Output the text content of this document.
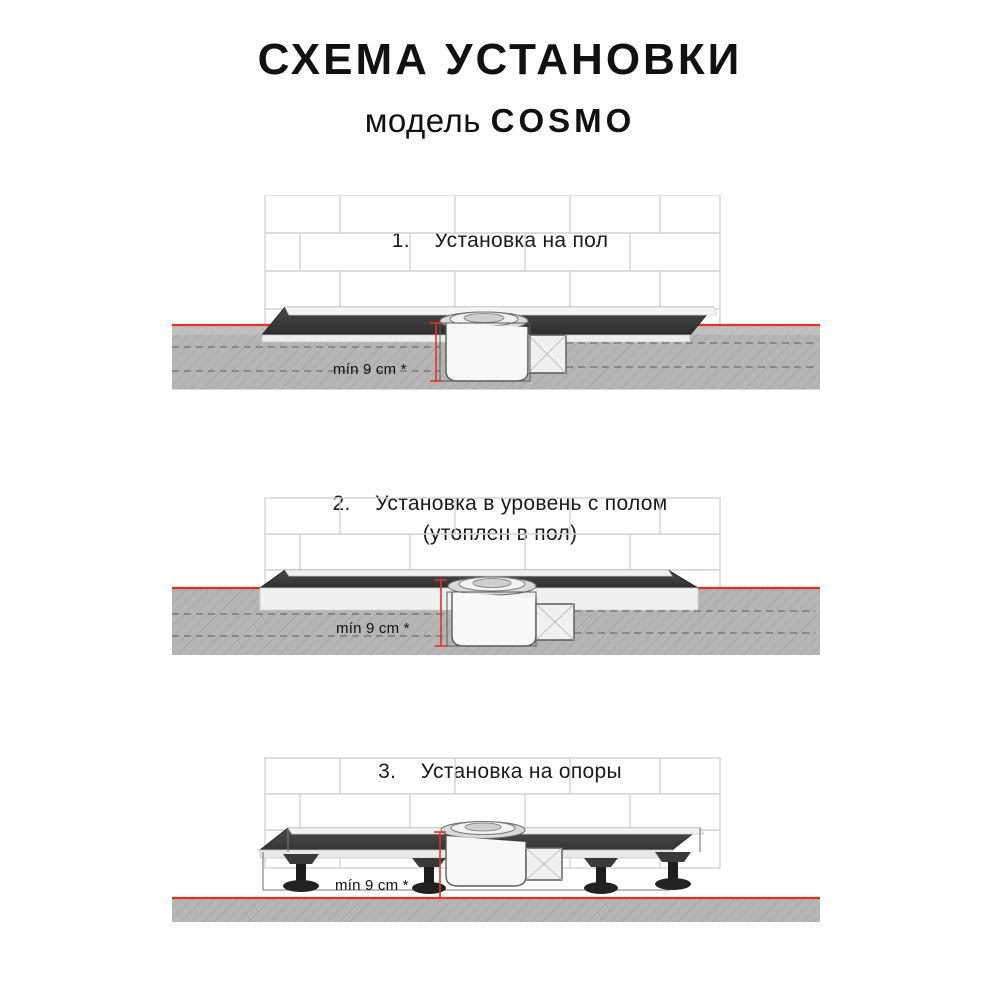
СХЕМА УСТАНОВКИ
модель COSMO
1. Установка на пол
mín 9 cm *
2. Установка в уровень с полом
(утоплен в пол)
mín 9 cm *
3. Установка на опоры
mín 9 cm *
